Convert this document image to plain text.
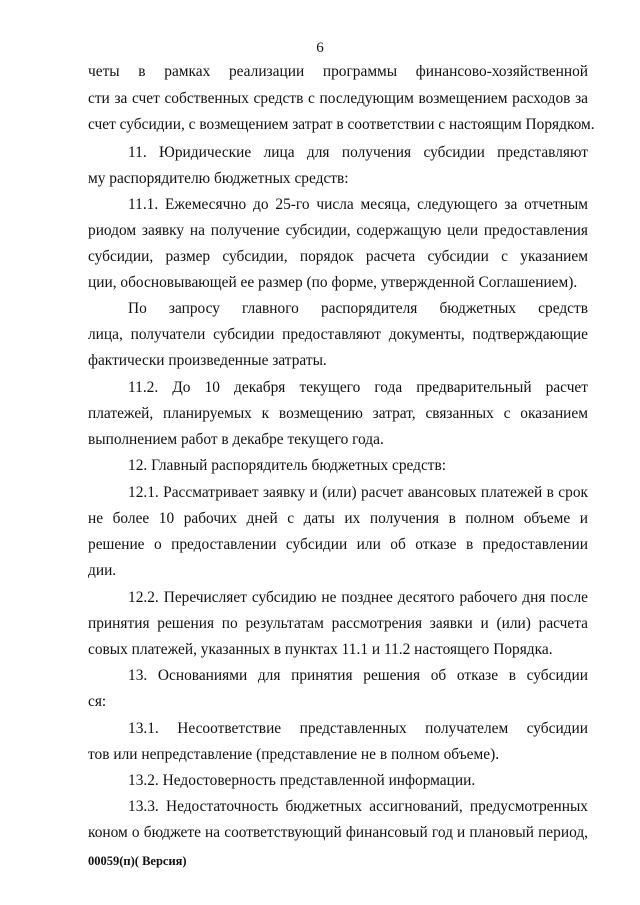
6
четы в рамках реализации программы финансово-хозяйственной
сти за счет собственных средств с последующим возмещением расходов за
счет субсидии, с возмещением затрат в соответствии с настоящим Порядком.
11. Юридические лица для получения субсидии представляют
му распорядителю бюджетных средств:
11.1. Ежемесячно до 25-го числа месяца, следующего за отчетным
риодом заявку на получение субсидии, содержащую цели предоставления
субсидии, размер субсидии, порядок расчета субсидии с указанием
ции, обосновывающей ее размер (по форме, утвержденной Соглашением).
По запросу главного распорядителя бюджетных средств
лица, получатели субсидии предоставляют документы, подтверждающие
фактически произведенные затраты.
11.2. До 10 декабря текущего года предварительный расчет
платежей, планируемых к возмещению затрат, связанных с оказанием
выполнением работ в декабре текущего года.
12. Главный распорядитель бюджетных средств:
12.1. Рассматривает заявку и (или) расчет авансовых платежей в срок
не более 10 рабочих дней с даты их получения в полном объеме и
решение о предоставлении субсидии или об отказе в предоставлении
дии.
12.2. Перечисляет субсидию не позднее десятого рабочего дня после
принятия решения по результатам рассмотрения заявки и (или) расчета
совых платежей, указанных в пунктах 11.1 и 11.2 настоящего Порядка.
13. Основаниями для принятия решения об отказе в субсидии
ся:
13.1. Несоответствие представленных получателем субсидии
тов или непредставление (представление не в полном объеме).
13.2. Недостоверность представленной информации.
13.3. Недостаточность бюджетных ассигнований, предусмотренных
коном о бюджете на соответствующий финансовый год и плановый период,
00059(п)( Версия)
